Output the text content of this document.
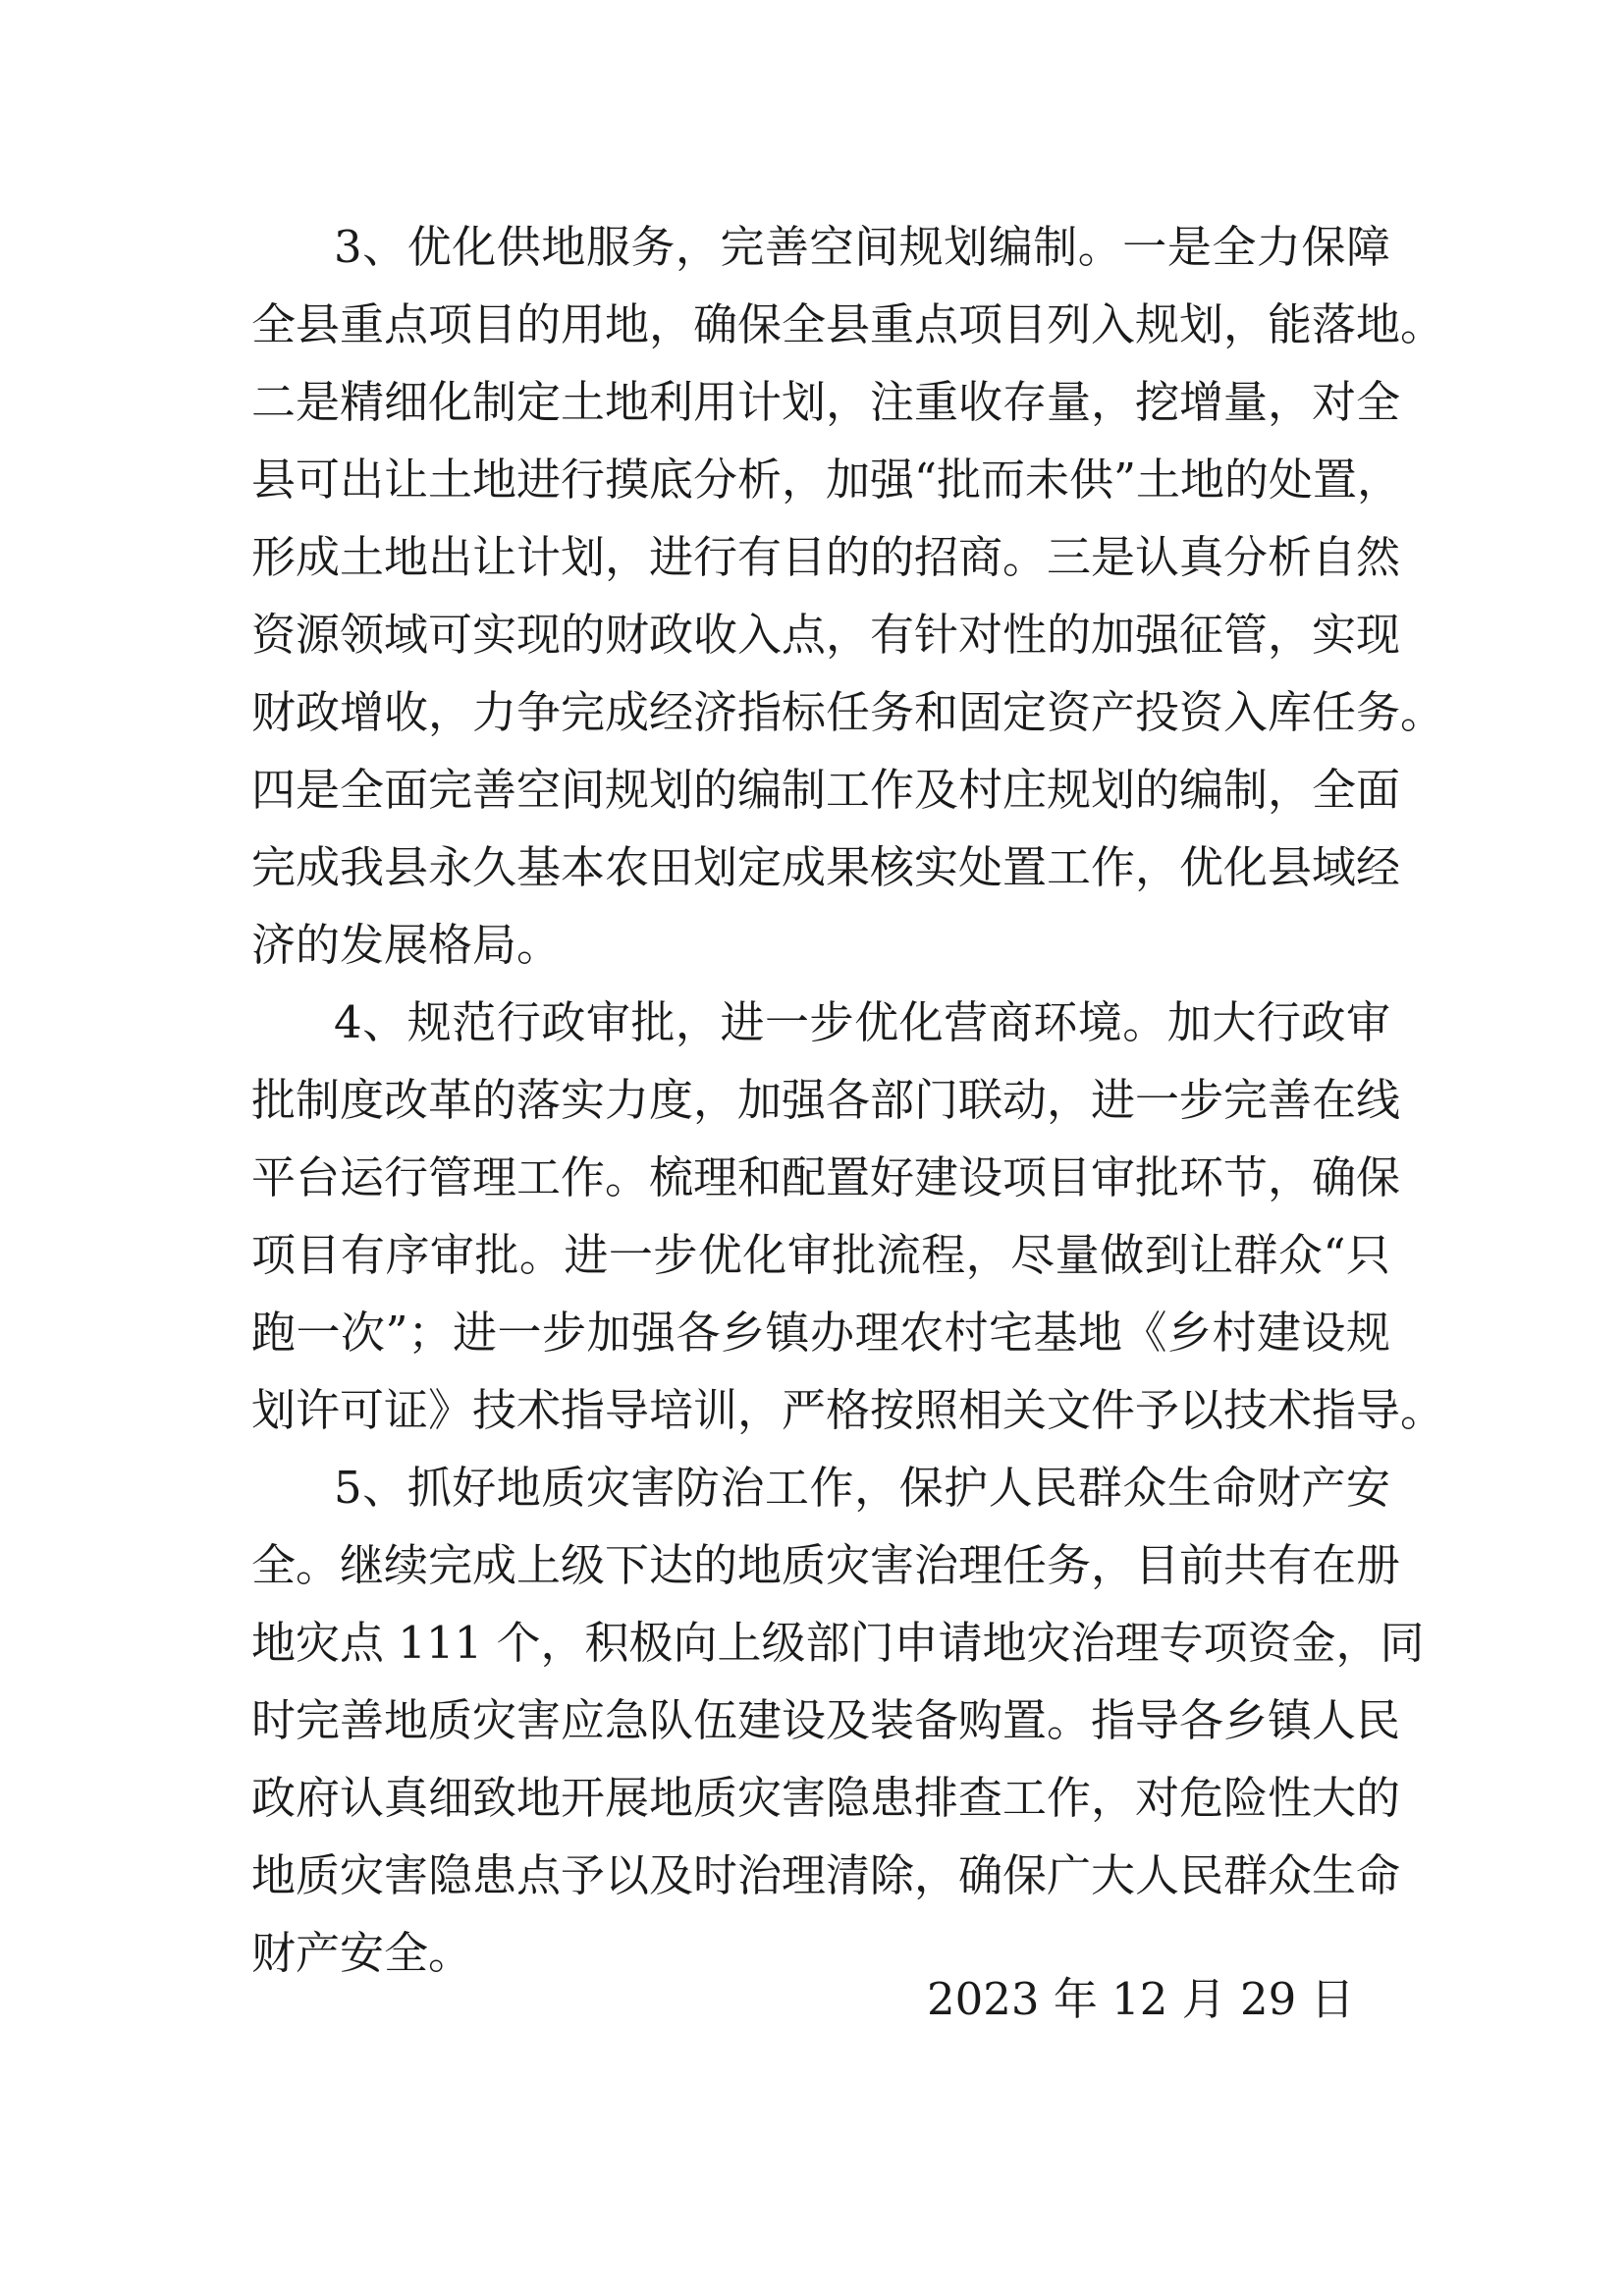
3、优化供地服务，完善空间规划编制。一是全力保障
全县重点项目的用地，确保全县重点项目列入规划，能落地。
二是精细化制定土地利用计划，注重收存量，挖增量，对全
县可出让土地进行摸底分析，加强“批而未供”土地的处置，
形成土地出让计划，进行有目的的招商。三是认真分析自然
资源领域可实现的财政收入点，有针对性的加强征管，实现
财政增收，力争完成经济指标任务和固定资产投资入库任务。
四是全面完善空间规划的编制工作及村庄规划的编制，全面
完成我县永久基本农田划定成果核实处置工作，优化县域经
济的发展格局。
4、规范行政审批，进一步优化营商环境。加大行政审
批制度改革的落实力度，加强各部门联动，进一步完善在线
平台运行管理工作。梳理和配置好建设项目审批环节，确保
项目有序审批。进一步优化审批流程，尽量做到让群众“只
跑一次”；进一步加强各乡镇办理农村宅基地《乡村建设规
划许可证》技术指导培训，严格按照相关文件予以技术指导。
5、抓好地质灾害防治工作，保护人民群众生命财产安
全。继续完成上级下达的地质灾害治理任务，目前共有在册
地灾点 111 个，积极向上级部门申请地灾治理专项资金，同
时完善地质灾害应急队伍建设及装备购置。指导各乡镇人民
政府认真细致地开展地质灾害隐患排查工作，对危险性大的
地质灾害隐患点予以及时治理清除，确保广大人民群众生命
财产安全。
2023 年 12 月 29 日
